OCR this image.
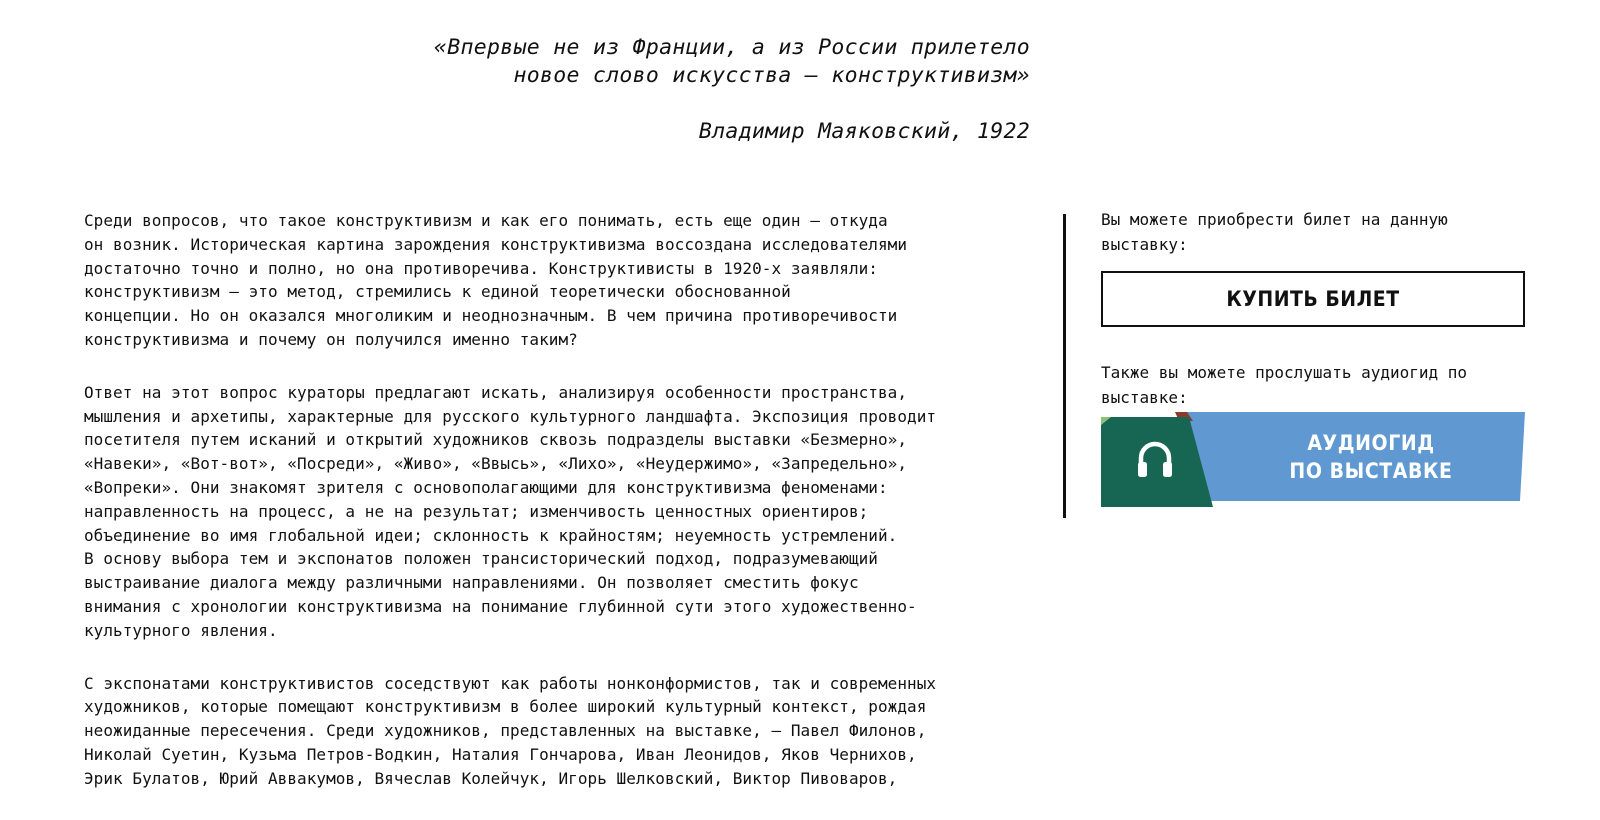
«Впервые не из Франции, а из России прилетело
новое слово искусства — конструктивизм»
Владимир Маяковский, 1922

Среди вопросов, что такое конструктивизм и как его понимать, есть еще один — откуда
он возник. Историческая картина зарождения конструктивизма воссоздана исследователями
достаточно точно и полно, но она противоречива. Конструктивисты в 1920-х заявляли:
конструктивизм — это метод, стремились к единой теоретически обоснованной
концепции. Но он оказался многоликим и неоднозначным. В чем причина противоречивости
конструктивизма и почему он получился именно таким?

Ответ на этот вопрос кураторы предлагают искать, анализируя особенности пространства,
мышления и архетипы, характерные для русского культурного ландшафта. Экспозиция проводит
посетителя путем исканий и открытий художников сквозь подразделы выставки «Безмерно»,
«Навеки», «Вот-вот», «Посреди», «Живо», «Ввысь», «Лихо», «Неудержимо», «Запредельно»,
«Вопреки». Они знакомят зрителя с основополагающими для конструктивизма феноменами:
направленность на процесс, а не на результат; изменчивость ценностных ориентиров;
объединение во имя глобальной идеи; склонность к крайностям; неуемность устремлений.
В основу выбора тем и экспонатов положен трансисторический подход, подразумевающий
выстраивание диалога между различными направлениями. Он позволяет сместить фокус
внимания с хронологии конструктивизма на понимание глубинной сути этого художественно-
культурного явления.

С экспонатами конструктивистов соседствуют как работы нонконформистов, так и современных
художников, которые помещают конструктивизм в более широкий культурный контекст, рождая
неожиданные пересечения. Среди художников, представленных на выставке, — Павел Филонов,
Николай Суетин, Кузьма Петров-Водкин, Наталия Гончарова, Иван Леонидов, Яков Чернихов,
Эрик Булатов, Юрий Аввакумов, Вячеслав Колейчук, Игорь Шелковский, Виктор Пивоваров,

Вы можете приобрести билет на данную
выставку:

КУПИТЬ БИЛЕТ

Также вы можете прослушать аудиогид по
выставке:

АУДИОГИД
ПО ВЫСТАВКЕ
